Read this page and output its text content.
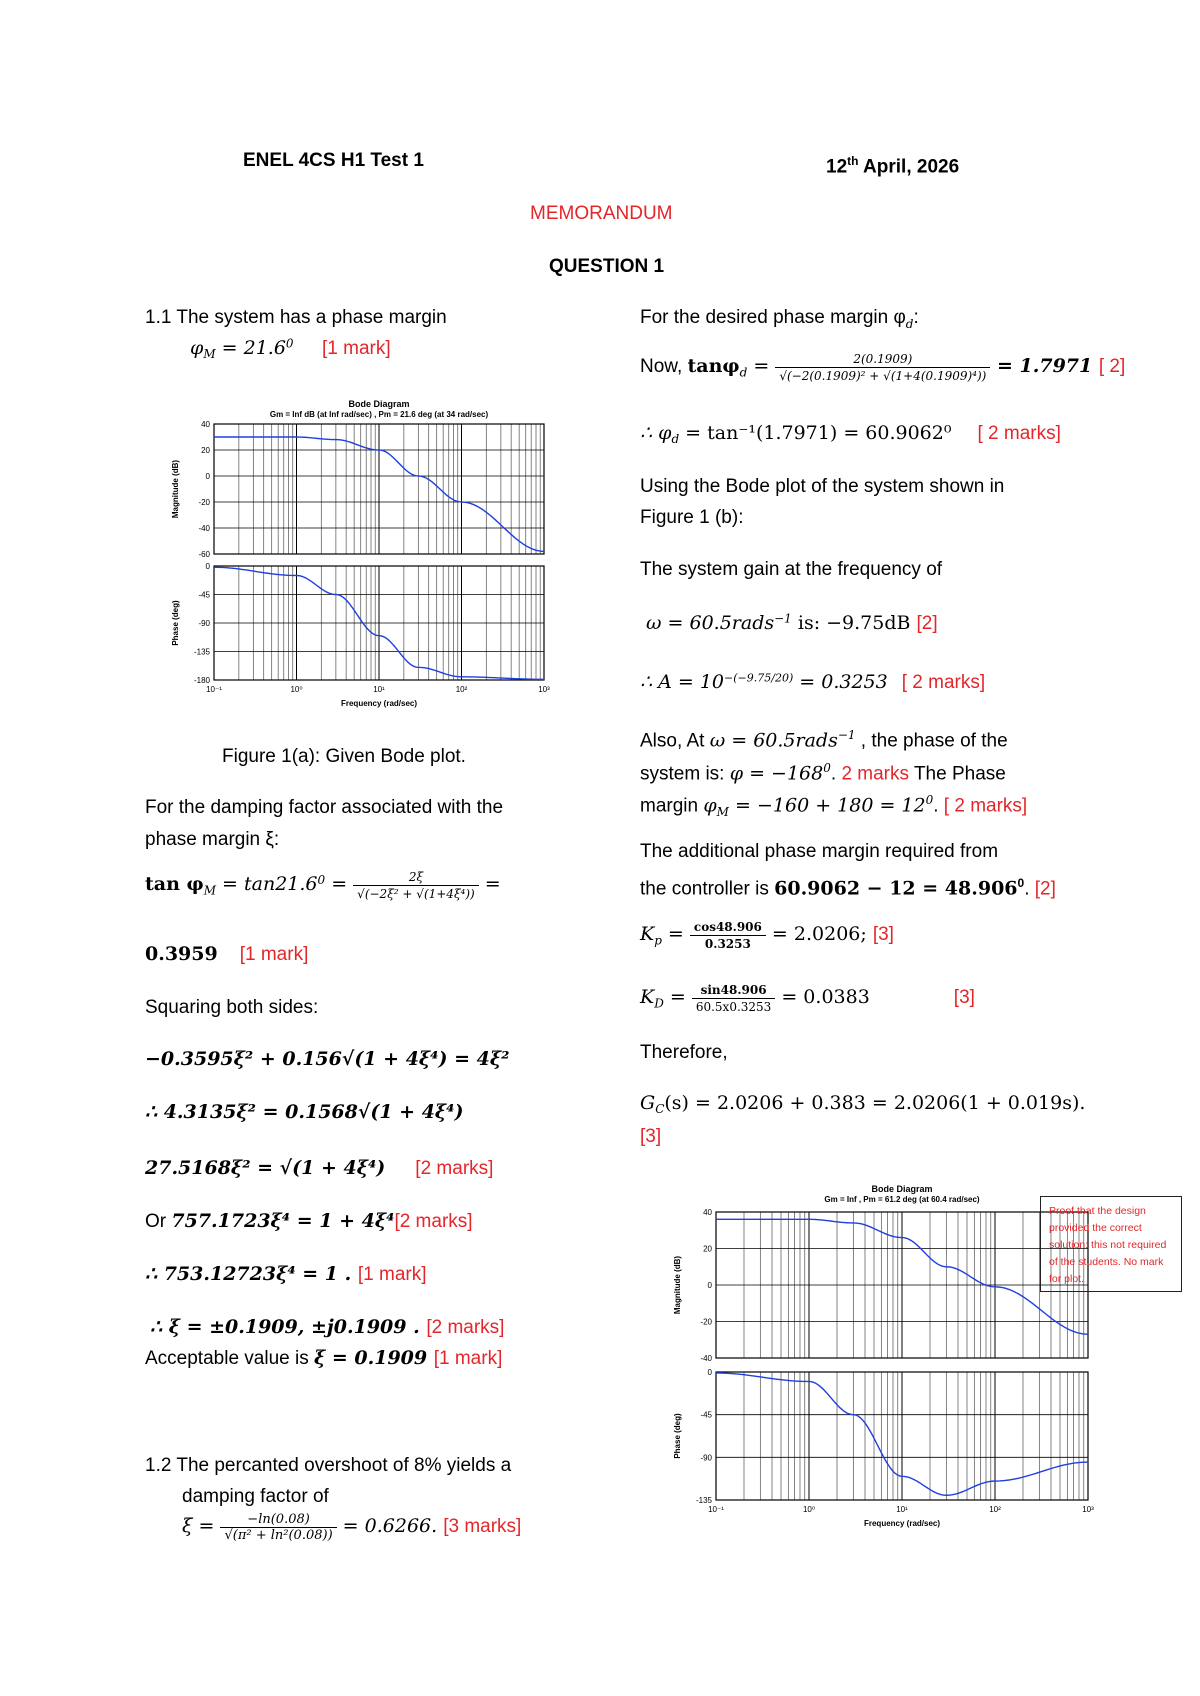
ENEL 4CS H1 Test 1	12th April, 2026
MEMORANDUM
QUESTION 1
1.1 The system has a phase margin
$\varphi_M = 21.6^0$ [1 mark]
Bode Diagram
Gm = Inf dB (at Inf rad/sec) , Pm = 21.6 deg (at 34 rad/sec)
40
20
0
-20
-40
-60
Magnitude (dB)
0
-45
-90
-135
-180
Phase (deg)
10⁻¹	10⁰	10¹	10²	10³
Frequency (rad/sec)
Figure 1(a): Given Bode plot.
For the damping factor associated with the
phase margin ξ:
$\tan \varphi_M = \tan 21.6^0 = \frac{2\xi}{\text{√(−2ξ² + √(1+4ξ⁴))}}$ =
0.3959 [1 mark]
Squaring both sides:
−0.3595ξ² + 0.156√(1 + 4ξ⁴) = 4ξ²
∴ 4.3135ξ² = 0.1568√(1 + 4ξ⁴)
27.5168ξ² = √(1 + 4ξ⁴) [2 marks]
Or 757.1723ξ⁴ = 1 + 4ξ⁴[2 marks]
∴ 753.12723ξ⁴ = 1 . [1 mark]
∴ ξ = ±0.1909, ±j0.1909 . [2 marks]
Acceptable value is ξ = 0.1909 [1 mark]
1.2 The percanted overshoot of 8% yields a
damping factor of
$\xi = \frac{-\ln(0.08)}{\text{√(π² + ln²(0.08))}} = 0.6266$. [3 marks]
For the desired phase margin $\varphi_d$:
Now, $\tan\varphi_d = \frac{2(0.1909)}{\text{√(−2(0.1909)² + √(1+4(0.1909)⁴))}} = 1.7971$ [ 2]
∴ $\varphi_d = \tan^{-1}(1.7971) = 60.9062^0$ [ 2 marks]
Using the Bode plot of the system shown in
Figure 1 (b):
The system gain at the frequency of
ω = 60.5rads$^{-1}$ is: −9.75dB [2]
∴ $A = 10^{-(-9.75/20)} = 0.3253$ [ 2 marks]
Also, At ω = 60.5rads$^{-1}$ , the phase of the
system is: $\varphi = -168^0$. 2 marks The Phase
margin $\varphi_M = -160 + 180 = 12^0$. [ 2 marks]
The additional phase margin required from
the controller is $60.9062 - 12 = 48.906^0$. [2]
$K_p = \frac{\cos 48.906}{0.3253} = 2.0206$; [3]
$K_D = \frac{\sin 48.906}{60.5x0.3253} = 0.0383$	[3]
Therefore,
$G_C(s) = 2.0206 + 0.383 = 2.0206(1 + 0.019s)$.
[3]
Bode Diagram
Gm = Inf , Pm = 61.2 deg (at 60.4 rad/sec)
40
20
0
-20
-40
Magnitude (dB)
0
-45
-90
-135
Phase (deg)
10⁻¹	10⁰	10¹	10²	10³
Frequency (rad/sec)
Proof that the design provided the correct solution: this not required of the students. No mark for plot.
